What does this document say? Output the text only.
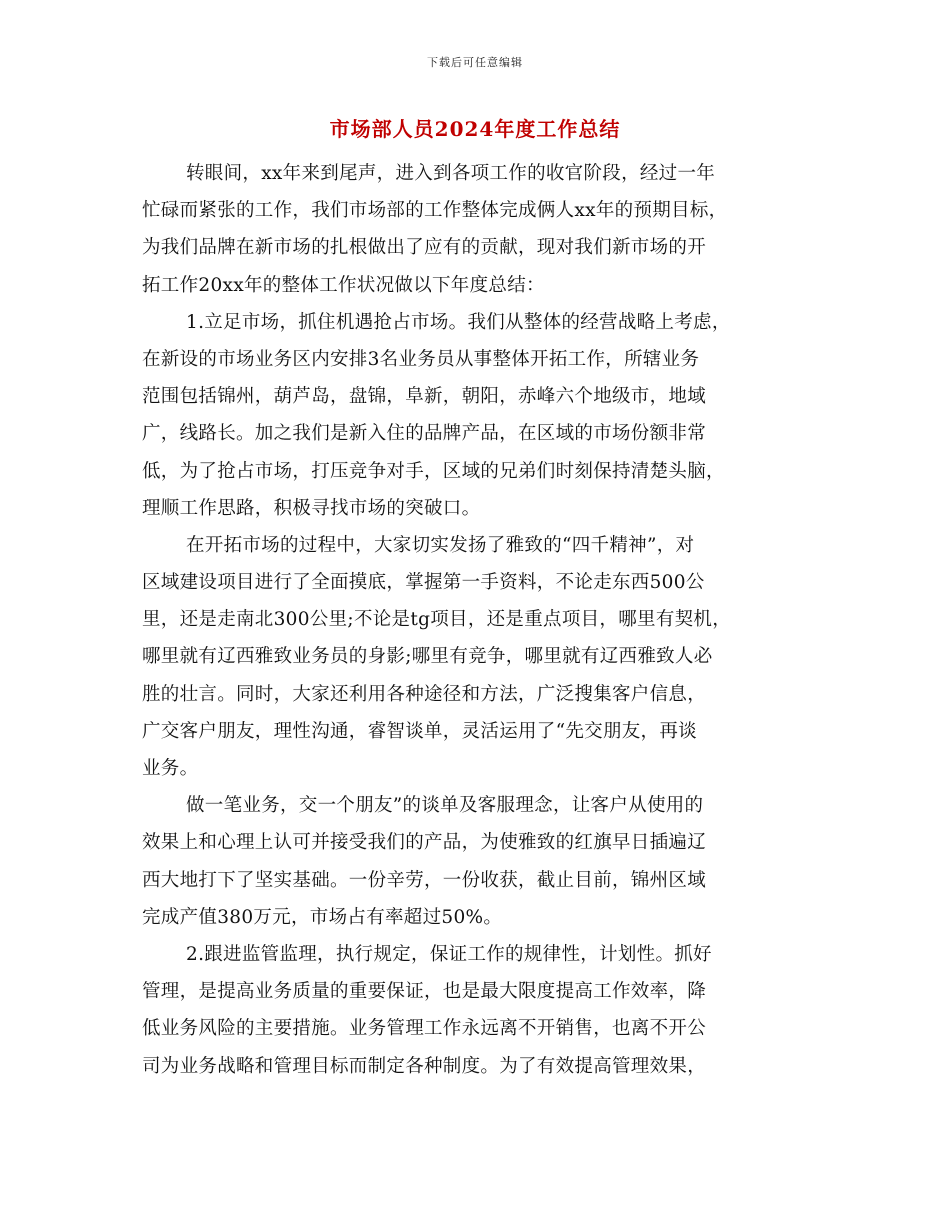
下载后可任意编辑
市场部人员2024年度工作总结
转眼间，xx年来到尾声，进入到各项工作的收官阶段，经过一年
忙碌而紧张的工作，我们市场部的工作整体完成俩人xx年的预期目标，
为我们品牌在新市场的扎根做出了应有的贡献，现对我们新市场的开
拓工作20xx年的整体工作状况做以下年度总结：
1.立足市场，抓住机遇抢占市场。我们从整体的经营战略上考虑，
在新设的市场业务区内安排3名业务员从事整体开拓工作，所辖业务
范围包括锦州，葫芦岛，盘锦，阜新，朝阳，赤峰六个地级市，地域
广，线路长。加之我们是新入住的品牌产品，在区域的市场份额非常
低，为了抢占市场，打压竞争对手，区域的兄弟们时刻保持清楚头脑，
理顺工作思路，积极寻找市场的突破口。
在开拓市场的过程中，大家切实发扬了雅致的“四千精神”，对
区域建设项目进行了全面摸底，掌握第一手资料，不论走东西500公
里，还是走南北300公里;不论是tg项目，还是重点项目，哪里有契机，
哪里就有辽西雅致业务员的身影;哪里有竞争，哪里就有辽西雅致人必
胜的壮言。同时，大家还利用各种途径和方法，广泛搜集客户信息，
广交客户朋友，理性沟通，睿智谈单，灵活运用了“先交朋友，再谈
业务。
做一笔业务，交一个朋友”的谈单及客服理念，让客户从使用的
效果上和心理上认可并接受我们的产品，为使雅致的红旗早日插遍辽
西大地打下了坚实基础。一份辛劳，一份收获，截止目前，锦州区域
完成产值380万元，市场占有率超过50%。
2.跟进监管监理，执行规定，保证工作的规律性，计划性。抓好
管理，是提高业务质量的重要保证，也是最大限度提高工作效率，降
低业务风险的主要措施。业务管理工作永远离不开销售，也离不开公
司为业务战略和管理目标而制定各种制度。为了有效提高管理效果，
